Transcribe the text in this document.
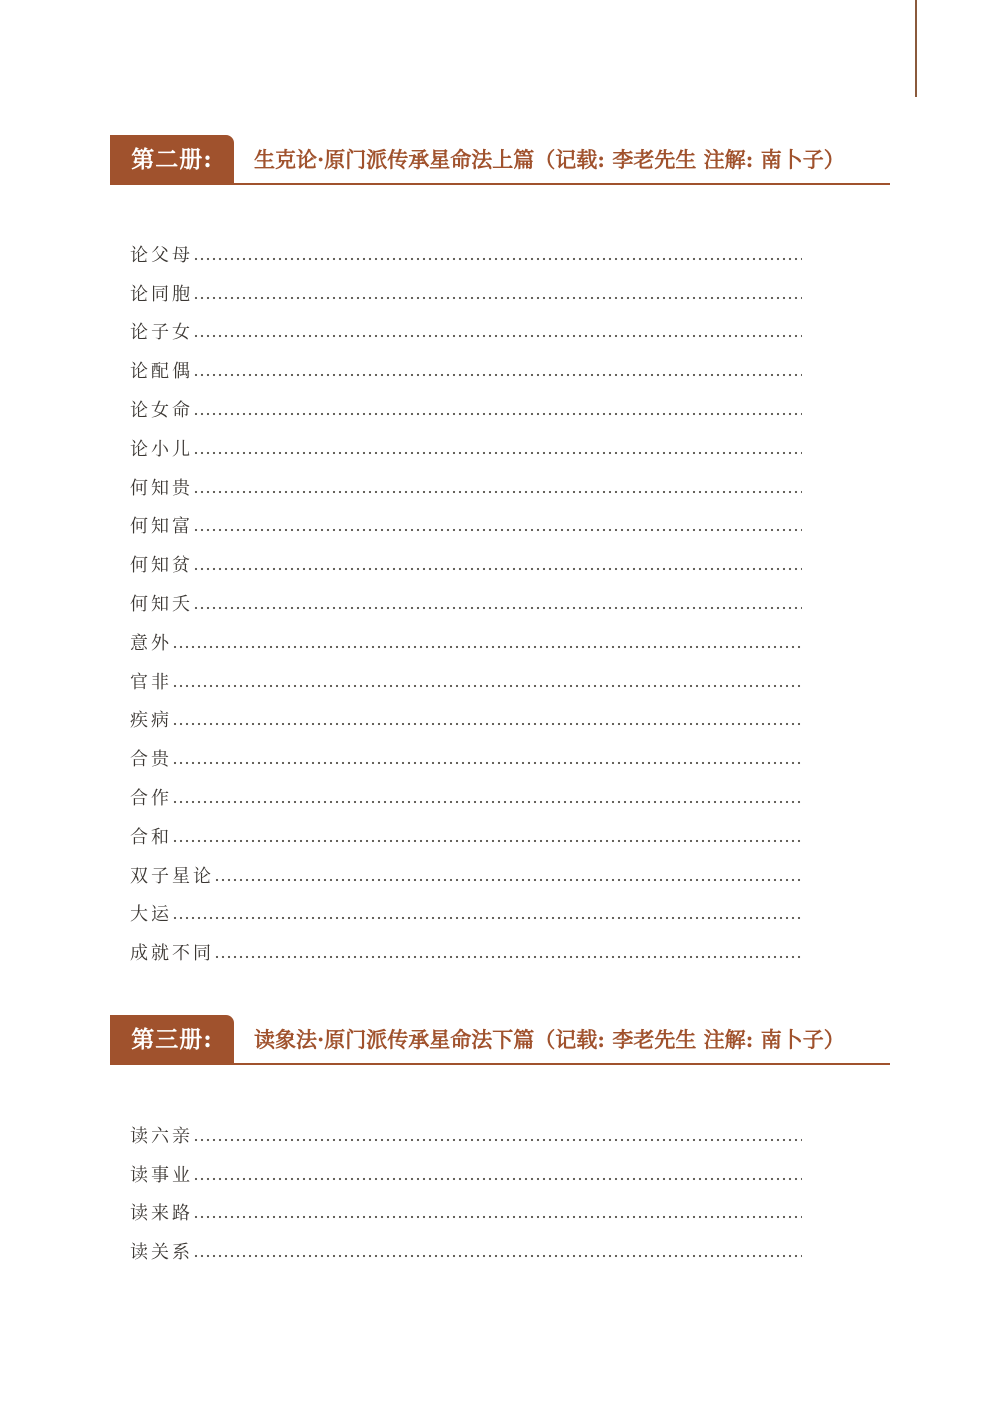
第二册:	生克论·原门派传承星命法上篇（记载: 李老先生 注解: 南卜子）
论父母
论同胞
论子女
论配偶
论女命
论小儿
何知贵
何知富
何知贫
何知夭
意外
官非
疾病
合贵
合作
合和
双子星论
大运
成就不同
第三册:	读象法·原门派传承星命法下篇（记载: 李老先生 注解: 南卜子）
读六亲
读事业
读来路
读关系
